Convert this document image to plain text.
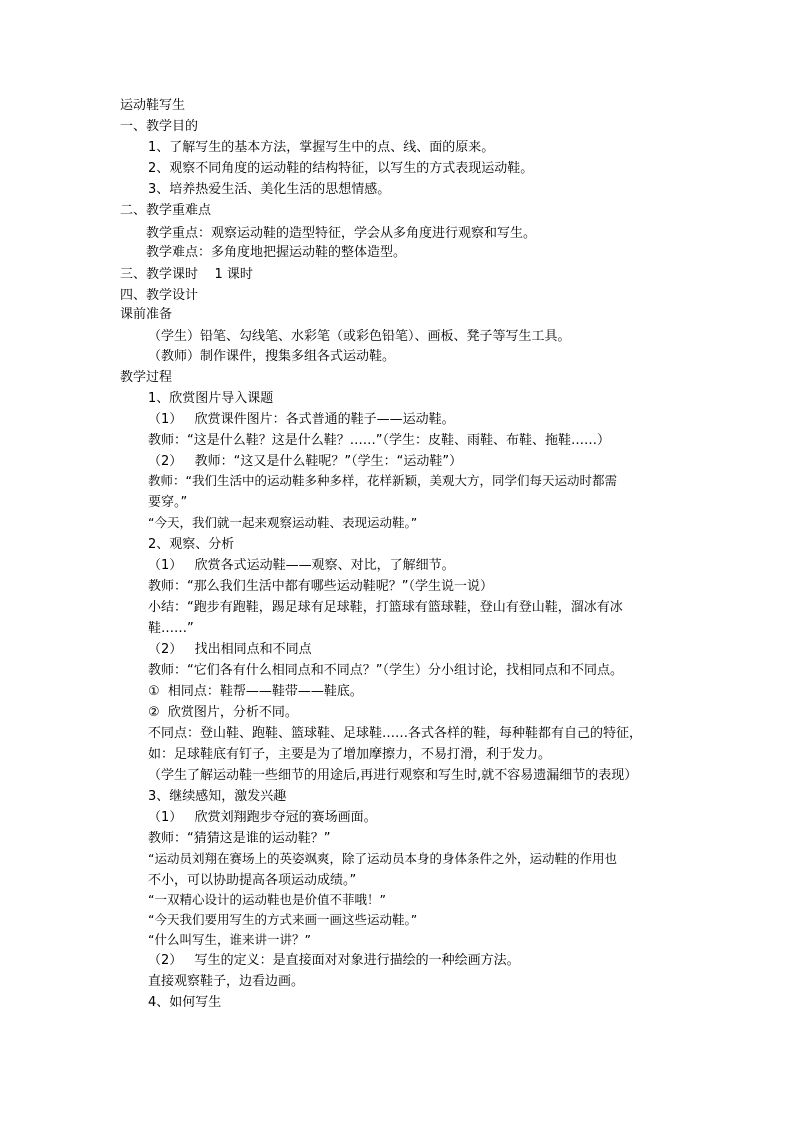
运动鞋写生
一、教学目的
1、了解写生的基本方法，掌握写生中的点、线、面的原来。
2、观察不同角度的运动鞋的结构特征，以写生的方式表现运动鞋。
3、培养热爱生活、美化生活的思想情感。
二、教学重难点
教学重点：观察运动鞋的造型特征，学会从多角度进行观察和写生。
教学难点：多角度地把握运动鞋的整体造型。
三、教学课时    1 课时
四、教学设计
课前准备
（学生）铅笔、勾线笔、水彩笔（或彩色铅笔）、画板、凳子等写生工具。
（教师）制作课件，搜集多组各式运动鞋。
教学过程
1、欣赏图片导入课题
（1）   欣赏课件图片：各式普通的鞋子——运动鞋。
教师：“这是什么鞋？这是什么鞋？……”（学生：皮鞋、雨鞋、布鞋、拖鞋……）
（2）   教师：“这又是什么鞋呢？”（学生：“运动鞋”）
教师：“我们生活中的运动鞋多种多样，花样新颖，美观大方，同学们每天运动时都需
要穿。”
“今天，我们就一起来观察运动鞋、表现运动鞋。”
2、观察、分析
（1）   欣赏各式运动鞋——观察、对比，了解细节。
教师：“那么我们生活中都有哪些运动鞋呢？”（学生说一说）
小结：“跑步有跑鞋，踢足球有足球鞋，打篮球有篮球鞋，登山有登山鞋，溜冰有冰
鞋……”
（2）   找出相同点和不同点
教师：“它们各有什么相同点和不同点？”（学生）分小组讨论，找相同点和不同点。
①  相同点：鞋帮——鞋带——鞋底。
②  欣赏图片，分析不同。
不同点：登山鞋、跑鞋、篮球鞋、足球鞋……各式各样的鞋，每种鞋都有自己的特征，
如：足球鞋底有钉子，主要是为了增加摩擦力，不易打滑，利于发力。
（学生了解运动鞋一些细节的用途后,再进行观察和写生时,就不容易遗漏细节的表现）
3、继续感知，激发兴趣
（1）   欣赏刘翔跑步夺冠的赛场画面。
教师：“猜猜这是谁的运动鞋？”
“运动员刘翔在赛场上的英姿飒爽，除了运动员本身的身体条件之外，运动鞋的作用也
不小，可以协助提高各项运动成绩。”
“一双精心设计的运动鞋也是价值不菲哦！”
“今天我们要用写生的方式来画一画这些运动鞋。”
“什么叫写生，谁来讲一讲？”
（2）   写生的定义：是直接面对对象进行描绘的一种绘画方法。
直接观察鞋子，边看边画。
4、如何写生
